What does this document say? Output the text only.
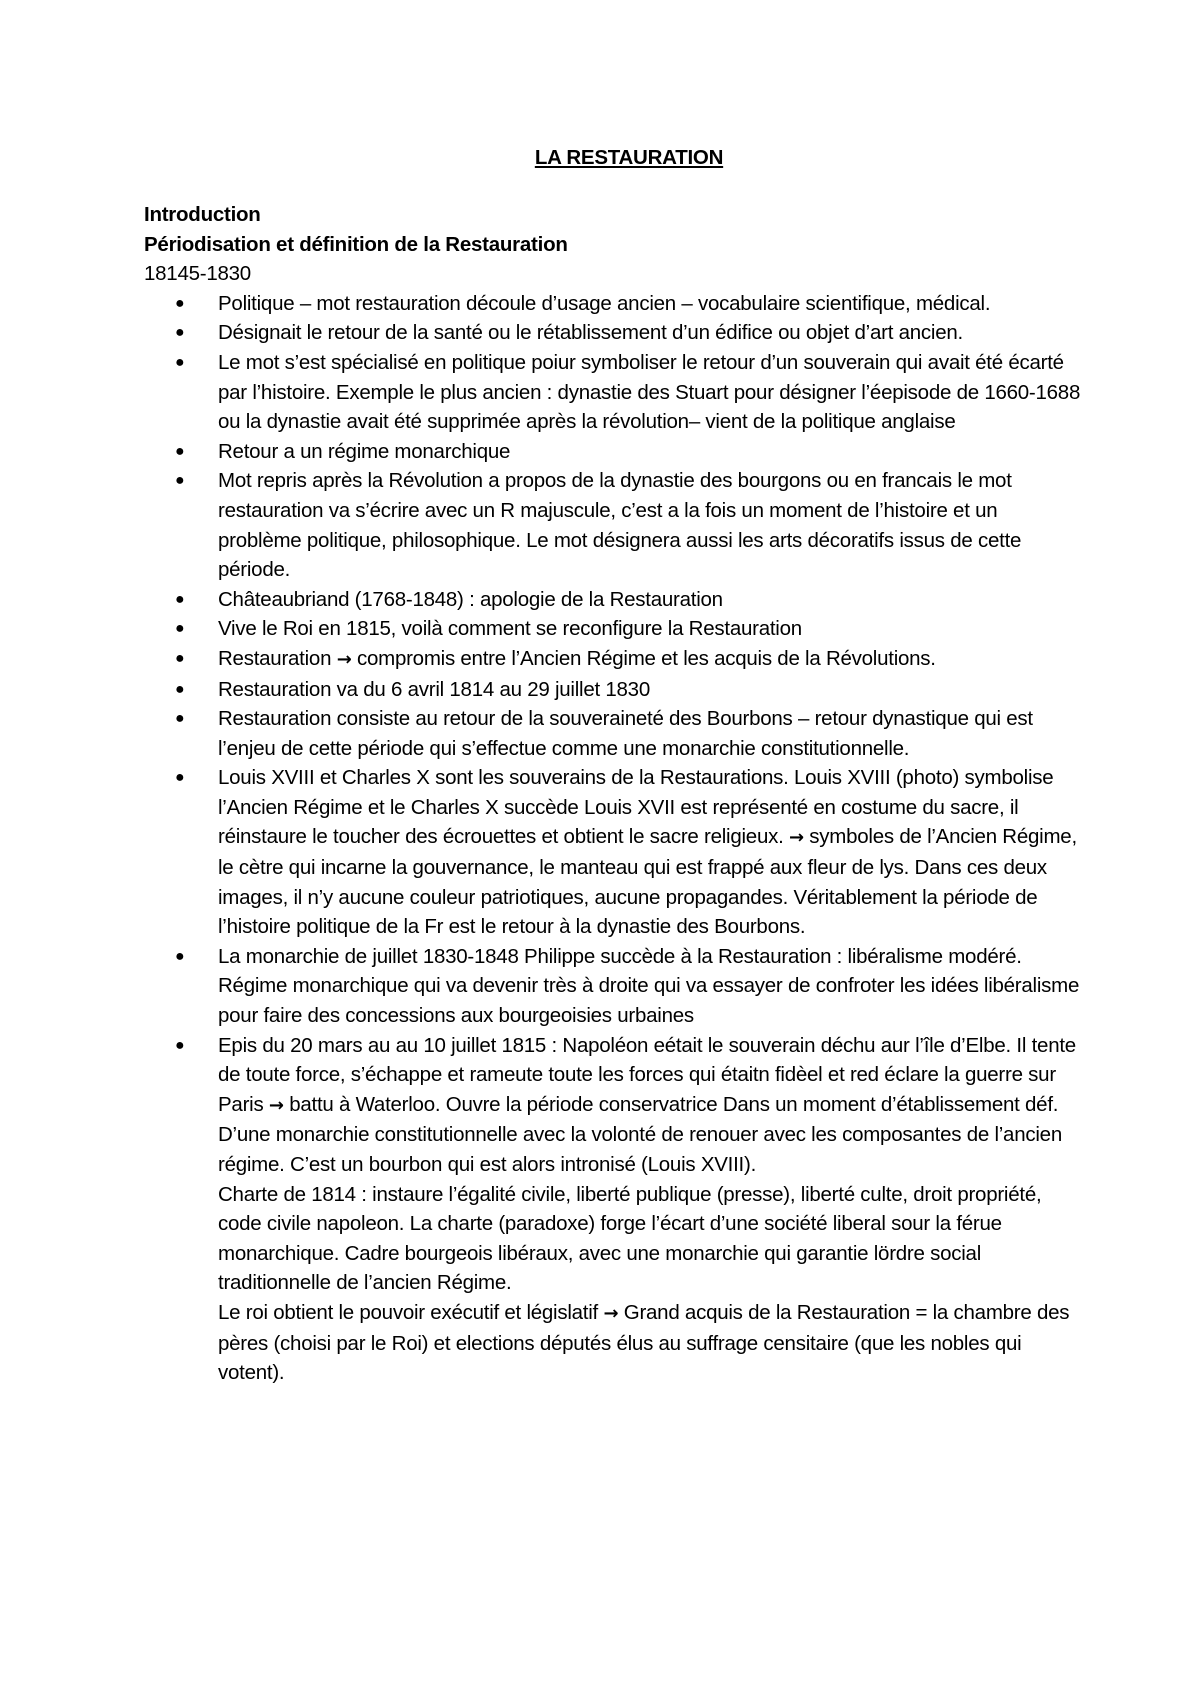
LA RESTAURATION
Introduction
Périodisation et définition de la Restauration
18145-1830
● Politique – mot restauration découle d’usage ancien – vocabulaire scientifique, médical.
● Désignait le retour de la santé ou le rétablissement d’un édifice ou objet d’art ancien.
● Le mot s’est spécialisé en politique poiur symboliser le retour d’un souverain qui avait été écarté par l’histoire. Exemple le plus ancien : dynastie des Stuart pour désigner l’éepisode de 1660-1688 ou la dynastie avait été supprimée après la révolution– vient de la politique anglaise
● Retour a un régime monarchique
● Mot repris après la Révolution a propos de la dynastie des bourgons ou en francais le mot restauration va s’écrire avec un R majuscule, c’est a la fois un moment de l’histoire et un problème politique, philosophique. Le mot désignera aussi les arts décoratifs issus de cette période.
● Châteaubriand (1768-1848) : apologie de la Restauration
● Vive le Roi en 1815, voilà comment se reconfigure la Restauration
● Restauration → compromis entre l’Ancien Régime et les acquis de la Révolutions.
● Restauration va du 6 avril 1814 au 29 juillet 1830
● Restauration consiste au retour de la souveraineté des Bourbons – retour dynastique qui est l’enjeu de cette période qui s’effectue comme une monarchie constitutionnelle.
● Louis XVIII et Charles X sont les souverains de la Restaurations. Louis XVIII (photo) symbolise l’Ancien Régime et le Charles X succède Louis XVII est représenté en costume du sacre, il réinstaure le toucher des écrouettes et obtient le sacre religieux. → symboles de l’Ancien Régime, le cètre qui incarne la gouvernance, le manteau qui est frappé aux fleur de lys. Dans ces deux images, il n’y aucune couleur patriotiques, aucune propagandes. Véritablement la période de l’histoire politique de la Fr est le retour à la dynastie des Bourbons.
● La monarchie de juillet 1830-1848 Philippe succède à la Restauration : libéralisme modéré. Régime monarchique qui va devenir très à droite qui va essayer de confroter les idées libéralisme pour faire des concessions aux bourgeoisies urbaines
● Epis du 20 mars au au 10 juillet 1815 : Napoléon eétait le souverain déchu aur l’île d’Elbe. Il tente de toute force, s’échappe et rameute toute les forces qui étaitn fidèel et red éclare la guerre sur Paris → battu à Waterloo. Ouvre la période conservatrice Dans un moment d’établissement déf. D’une monarchie constitutionnelle avec la volonté de renouer avec les composantes de l’ancien régime. C’est un bourbon qui est alors intronisé (Louis XVIII).
Charte de 1814 : instaure l’égalité civile, liberté publique (presse), liberté culte, droit propriété, code civile napoleon. La charte (paradoxe) forge l’écart d’une société liberal sour la férue monarchique. Cadre bourgeois libéraux, avec une monarchie qui garantie lördre social traditionnelle de l’ancien Régime.
Le roi obtient le pouvoir exécutif et législatif → Grand acquis de la Restauration = la chambre des pères (choisi par le Roi) et elections députés élus au suffrage censitaire (que les nobles qui votent).
